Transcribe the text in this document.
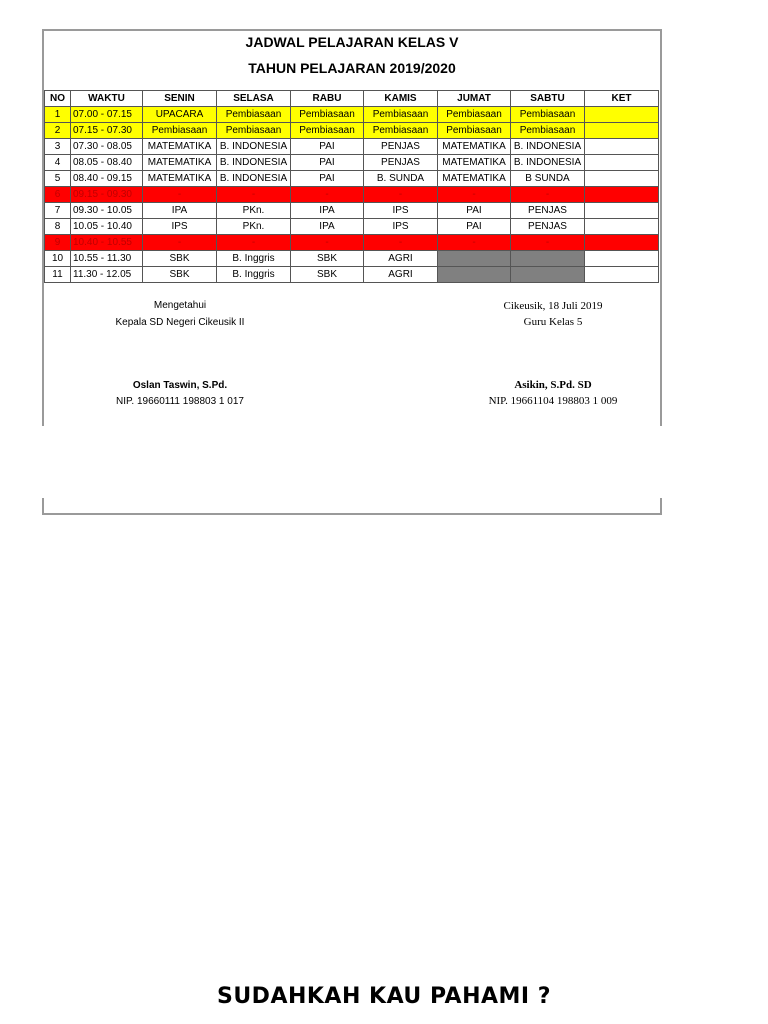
JADWAL PELAJARAN KELAS V
TAHUN PELAJARAN 2019/2020
NO	WAKTU	SENIN	SELASA	RABU	KAMIS	JUMAT	SABTU	KET
1	07.00 - 07.15	UPACARA	Pembiasaan	Pembiasaan	Pembiasaan	Pembiasaan	Pembiasaan	
2	07.15 - 07.30	Pembiasaan	Pembiasaan	Pembiasaan	Pembiasaan	Pembiasaan	Pembiasaan	
3	07.30 - 08.05	MATEMATIKA	B. INDONESIA	PAI	PENJAS	MATEMATIKA	B. INDONESIA	
4	08.05 - 08.40	MATEMATIKA	B. INDONESIA	PAI	PENJAS	MATEMATIKA	B. INDONESIA	
5	08.40 - 09.15	MATEMATIKA	B. INDONESIA	PAI	B. SUNDA	MATEMATIKA	B SUNDA	
6	09.15 - 09.30	-	-	-	-	-	-	
7	09.30 - 10.05	IPA	PKn.	IPA	IPS	PAI	PENJAS	
8	10.05 - 10.40	IPS	PKn.	IPA	IPS	PAI	PENJAS	
9	10.40 - 10.55	-	-	-	-	-	-	
10	10.55 - 11.30	SBK	B. Inggris	SBK	AGRI			
11	11.30 - 12.05	SBK	B. Inggris	SBK	AGRI			
Mengetahui
Kepala SD Negeri Cikeusik II
Oslan Taswin, S.Pd.
NIP. 19660111 198803 1 017
Cikeusik, 18 Juli 2019
Guru Kelas 5
Asikin, S.Pd. SD
NIP. 19661104 198803 1 009
SUDAHKAH KAU PAHAMI ?
